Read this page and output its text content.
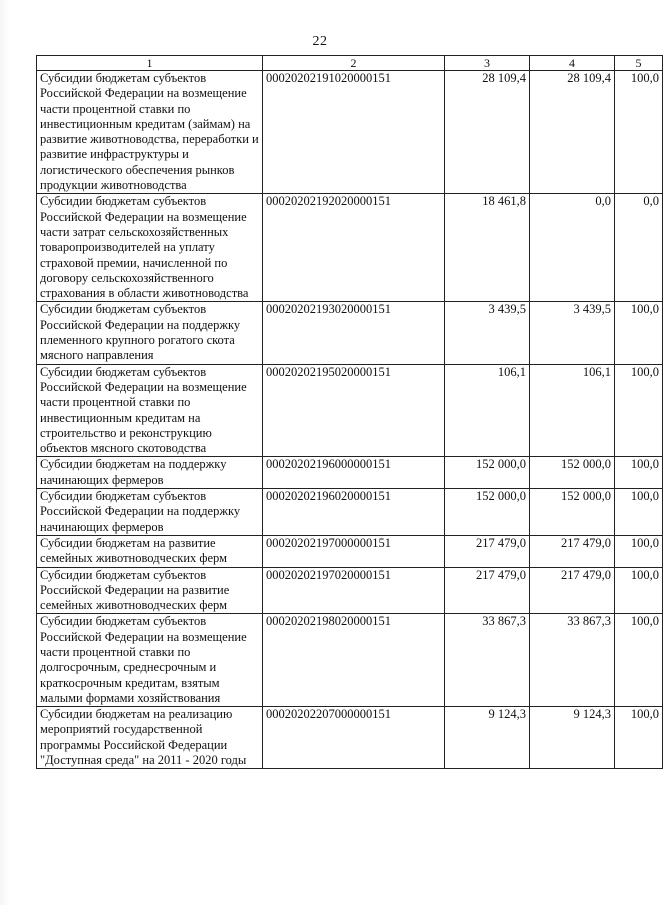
22
1	2	3	4	5
Субсидии бюджетам субъектов Российской Федерации на возмещение части процентной ставки по инвестиционным кредитам (займам) на развитие животноводства, переработки и развитие инфраструктуры и логистического обеспечения рынков продукции животноводства	00020202191020000151	28 109,4	28 109,4	100,0
Субсидии бюджетам субъектов Российской Федерации на возмещение части затрат сельскохозяйственных товаропроизводителей на уплату страховой премии, начисленной по договору сельскохозяйственного страхования в области животноводства	00020202192020000151	18 461,8	0,0	0,0
Субсидии бюджетам субъектов Российской Федерации на поддержку племенного крупного рогатого скота мясного направления	00020202193020000151	3 439,5	3 439,5	100,0
Субсидии бюджетам субъектов Российской Федерации на возмещение части процентной ставки по инвестиционным кредитам на строительство и реконструкцию объектов мясного скотоводства	00020202195020000151	106,1	106,1	100,0
Субсидии бюджетам на поддержку начинающих фермеров	00020202196000000151	152 000,0	152 000,0	100,0
Субсидии бюджетам субъектов Российской Федерации на поддержку начинающих фермеров	00020202196020000151	152 000,0	152 000,0	100,0
Субсидии бюджетам на развитие семейных животноводческих ферм	00020202197000000151	217 479,0	217 479,0	100,0
Субсидии бюджетам субъектов Российской Федерации на развитие семейных животноводческих ферм	00020202197020000151	217 479,0	217 479,0	100,0
Субсидии бюджетам субъектов Российской Федерации на возмещение части процентной ставки по долгосрочным, среднесрочным и краткосрочным кредитам, взятым малыми формами хозяйствования	00020202198020000151	33 867,3	33 867,3	100,0
Субсидии бюджетам на реализацию мероприятий государственной программы Российской Федерации "Доступная среда" на 2011 - 2020 годы	00020202207000000151	9 124,3	9 124,3	100,0
